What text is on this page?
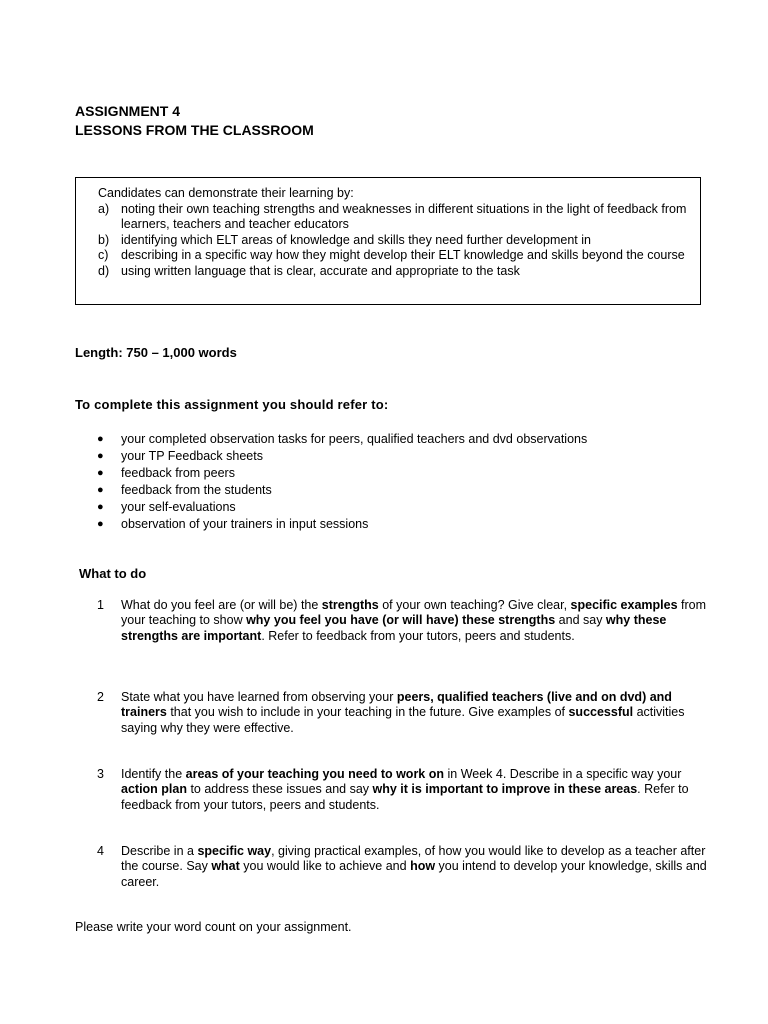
ASSIGNMENT 4
LESSONS FROM THE CLASSROOM
Candidates can demonstrate their learning by:
a) noting their own teaching strengths and weaknesses in different situations in the light of feedback from learners, teachers and teacher educators
b) identifying which ELT areas of knowledge and skills they need further development in
c)	describing in a specific way how they might develop their ELT knowledge and skills beyond the course
d) using written language that is clear, accurate and appropriate to the task
Length: 750 – 1,000 words
To complete this assignment you should refer to:
●	your completed observation tasks for peers, qualified teachers and dvd observations
●	your TP Feedback sheets
●	feedback from peers
●	feedback from the students
●	your self-evaluations
●	observation of your trainers in input sessions
What to do
1	What do you feel are (or will be) the strengths of your own teaching? Give clear, specific examples from your teaching to show why you feel you have (or will have) these strengths and say why these strengths are important. Refer to feedback from your tutors, peers and students.
2	State what you have learned from observing your peers, qualified teachers (live and on dvd) and trainers that you wish to include in your teaching in the future. Give examples of successful activities saying why they were effective.
3	Identify the areas of your teaching you need to work on in Week 4. Describe in a specific way your action plan to address these issues and say why it is important to improve in these areas. Refer to feedback from your tutors, peers and students.
4	Describe in a specific way, giving practical examples, of how you would like to develop as a teacher after the course. Say what you would like to achieve and how you intend to develop your knowledge, skills and career.
Please write your word count on your assignment.
